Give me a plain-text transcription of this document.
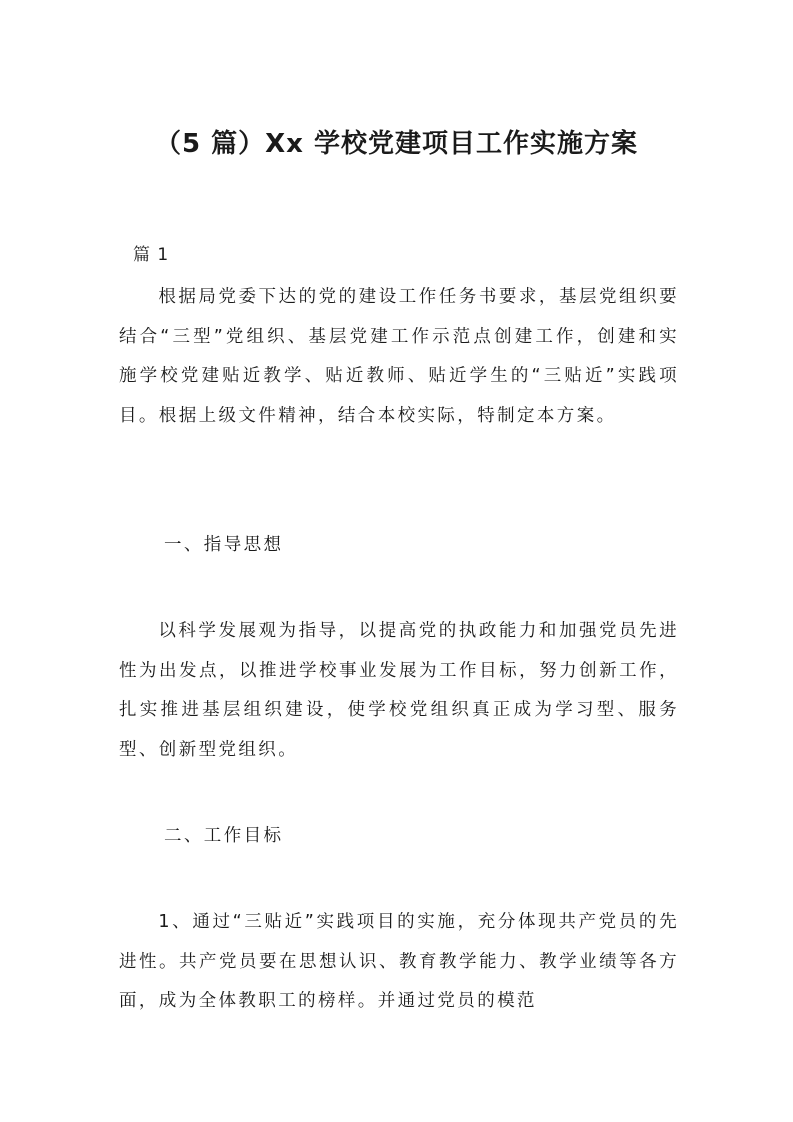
（5 篇）Xx 学校党建项目工作实施方案
篇 1

根据局党委下达的党的建设工作任务书要求，基层党组织要结合“三型”党组织、基层党建工作示范点创建工作，创建和实施学校党建贴近教学、贴近教师、贴近学生的“三贴近”实践项目。根据上级文件精神，结合本校实际，特制定本方案。

一、指导思想

以科学发展观为指导，以提高党的执政能力和加强党员先进性为出发点，以推进学校事业发展为工作目标，努力创新工作，扎实推进基层组织建设，使学校党组织真正成为学习型、服务型、创新型党组织。

二、工作目标

1、通过“三贴近”实践项目的实施，充分体现共产党员的先进性。共产党员要在思想认识、教育教学能力、教学业绩等各方面，成为全体教职工的榜样。并通过党员的模范
